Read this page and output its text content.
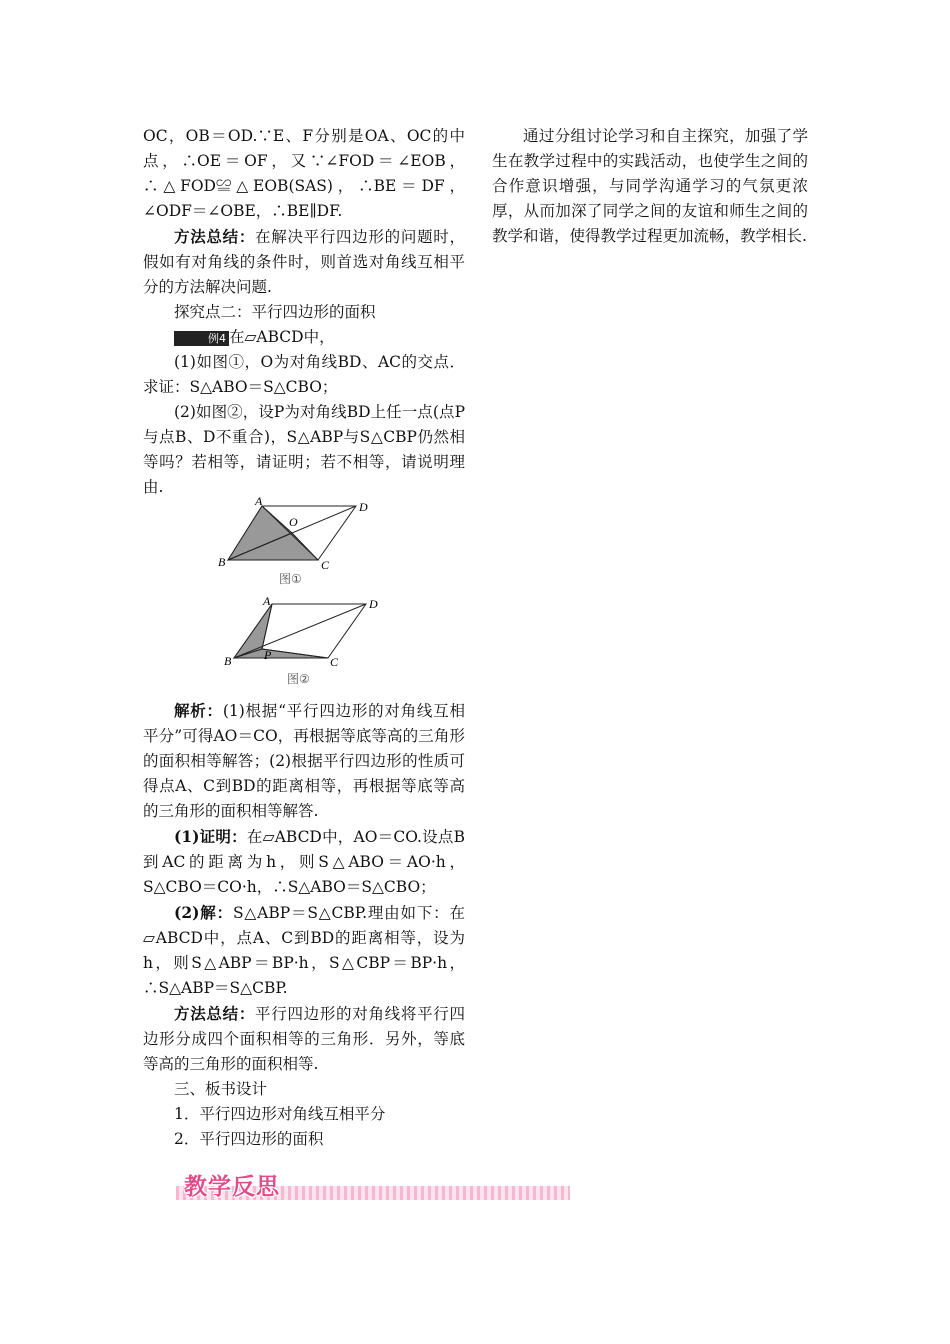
OC，OB＝OD.∵E、F分别是OA、OC的中点，∴OE＝OF，又∵∠FOD＝∠EOB，∴△FOD≌△EOB(SAS)，∴BE＝DF，∠ODF＝∠OBE，∴BE∥DF.

方法总结：在解决平行四边形的问题时，假如有对角线的条件时，则首选对角线互相平分的方法解决问题.

探究点二：平行四边形的面积

例4 在▱ABCD中，

(1)如图①，O为对角线BD、AC的交点．求证：S△ABO＝S△CBO；

(2)如图②，设P为对角线BD上任一点(点P与点B、D不重合)，S△ABP与S△CBP仍然相等吗？若相等，请证明；若不相等，请说明理由.

A
B	C
D
O
图①
A
B	C
D
P
图②

解析：(1)根据“平行四边形的对角线互相平分”可得AO＝CO，再根据等底等高的三角形的面积相等解答；(2)根据平行四边形的性质可得点A、C到BD的距离相等，再根据等底等高的三角形的面积相等解答.

(1)证明：在▱ABCD中，AO＝CO.设点B到AC的距离为h，则S△ABO＝AO·h，S△CBO＝CO·h，∴S△ABO＝S△CBO；

(2)解：S△ABP＝S△CBP.理由如下：在▱ABCD中，点A、C到BD的距离相等，设为h，则S△ABP＝BP·h，S△CBP＝BP·h，∴S△ABP＝S△CBP.

方法总结：平行四边形的对角线将平行四边形分成四个面积相等的三角形．另外，等底等高的三角形的面积相等.

三、板书设计

1．平行四边形对角线互相平分

2．平行四边形的面积

教学反思

通过分组讨论学习和自主探究，加强了学生在教学过程中的实践活动，也使学生之间的合作意识增强，与同学沟通学习的气氛更浓厚，从而加深了同学之间的友谊和师生之间的教学和谐，使得教学过程更加流畅，教学相长.
